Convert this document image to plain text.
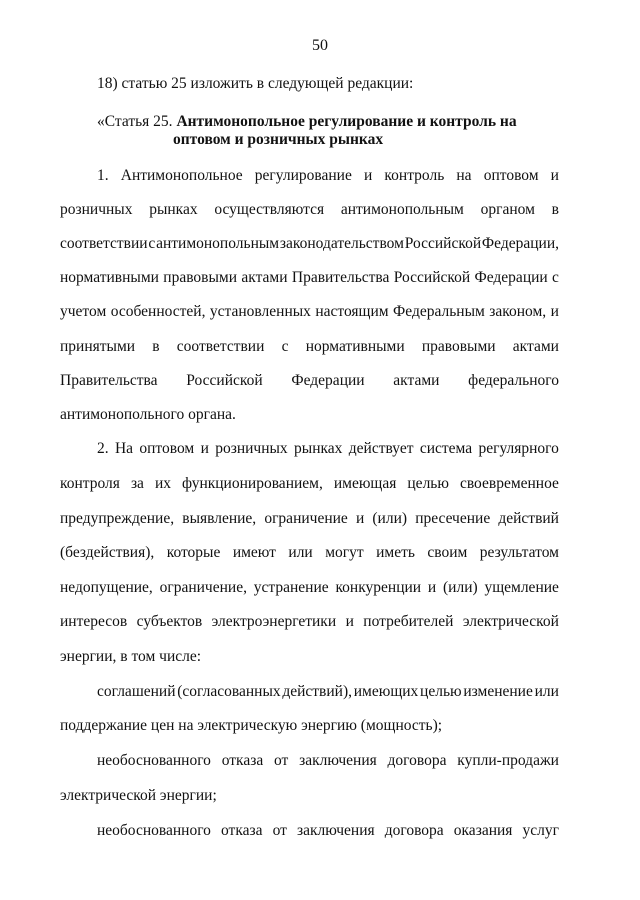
50
18) статью 25 изложить в следующей редакции:
«Статья 25. Антимонопольное регулирование и контроль на
оптовом и розничных рынках
1. Антимонопольное регулирование и контроль на оптовом и
розничных рынках осуществляются антимонопольным органом в
соответствии с антимонопольным законодательством Российской Федерации,
нормативными правовыми актами Правительства Российской Федерации с
учетом особенностей, установленных настоящим Федеральным законом, и
принятыми в соответствии с нормативными правовыми актами
Правительства Российской Федерации актами федерального
антимонопольного органа.
2. На оптовом и розничных рынках действует система регулярного
контроля за их функционированием, имеющая целью своевременное
предупреждение, выявление, ограничение и (или) пресечение действий
(бездействия), которые имеют или могут иметь своим результатом
недопущение, ограничение, устранение конкуренции и (или) ущемление
интересов субъектов электроэнергетики и потребителей электрической
энергии, в том числе:
соглашений (согласованных действий), имеющих целью изменение или
поддержание цен на электрическую энергию (мощность);
необоснованного отказа от заключения договора купли-продажи
электрической энергии;
необоснованного отказа от заключения договора оказания услуг
